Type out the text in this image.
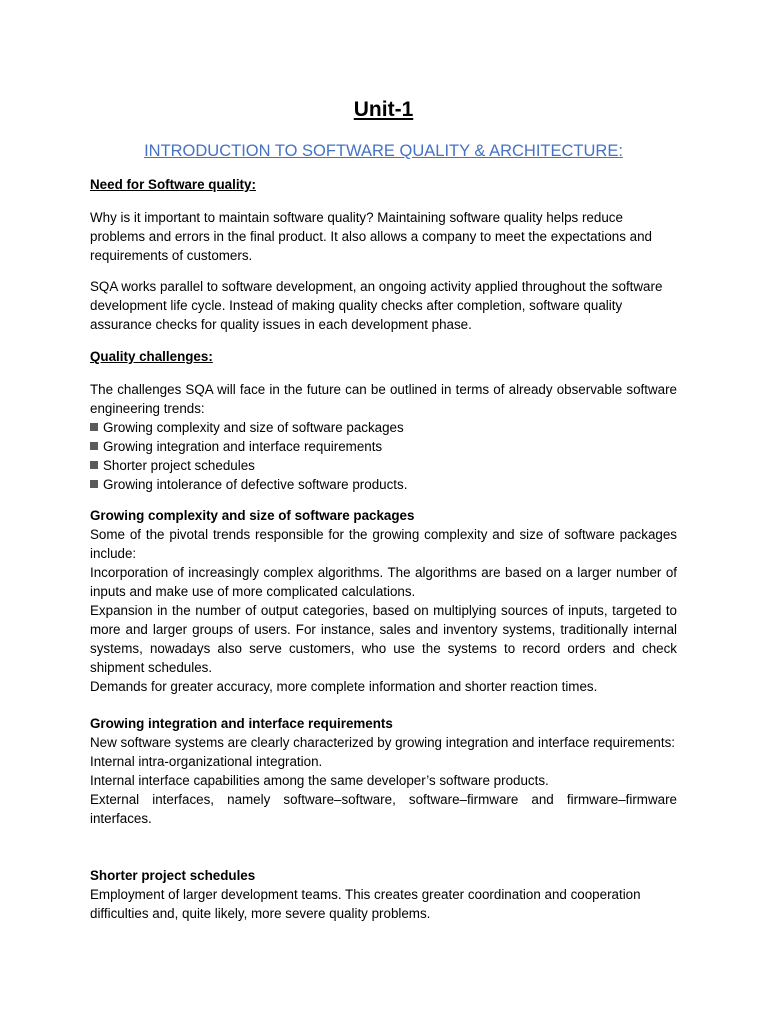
Unit-1
INTRODUCTION TO SOFTWARE QUALITY & ARCHITECTURE:
Need for Software quality:

Why is it important to maintain software quality? Maintaining software quality helps reduce problems and errors in the final product. It also allows a company to meet the expectations and requirements of customers.

SQA works parallel to software development, an ongoing activity applied throughout the software development life cycle. Instead of making quality checks after completion, software quality assurance checks for quality issues in each development phase.

Quality challenges:

The challenges SQA will face in the future can be outlined in terms of already observable software engineering trends:

Growing complexity and size of software packages
Growing integration and interface requirements
Shorter project schedules
Growing intolerance of defective software products.
Growing complexity and size of software packages

Some of the pivotal trends responsible for the growing complexity and size of software packages include:

Incorporation of increasingly complex algorithms. The algorithms are based on a larger number of inputs and make use of more complicated calculations.

Expansion in the number of output categories, based on multiplying sources of inputs, targeted to more and larger groups of users. For instance, sales and inventory systems, traditionally internal systems, nowadays also serve customers, who use the systems to record orders and check shipment schedules.

Demands for greater accuracy, more complete information and shorter reaction times.

Growing integration and interface requirements

New software systems are clearly characterized by growing integration and interface requirements:

Internal intra-organizational integration.

Internal interface capabilities among the same developer’s software products.

External interfaces, namely software–software, software–firmware and firmware–firmware interfaces.

Shorter project schedules

Employment of larger development teams. This creates greater coordination and cooperation difficulties and, quite likely, more severe quality problems.
